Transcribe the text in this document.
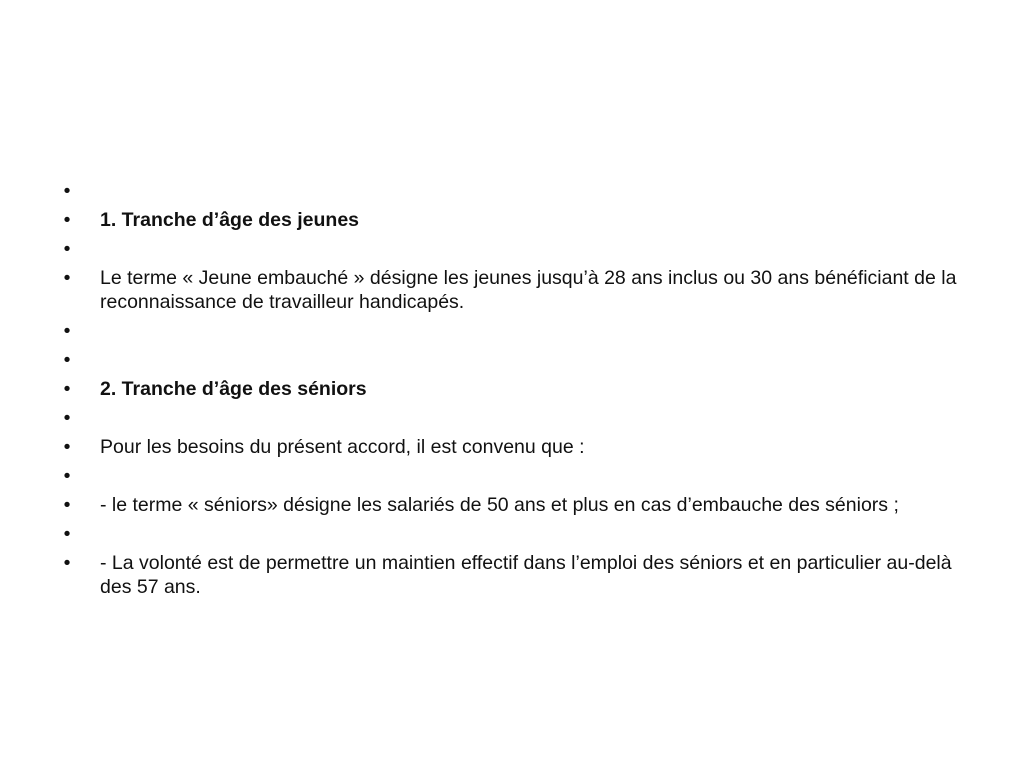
•
• 1. Tranche d’âge des jeunes
•
• Le terme « Jeune embauché » désigne les jeunes jusqu’à 28 ans inclus ou 30 ans bénéficiant de la reconnaissance de travailleur handicapés.
•
•
• 2. Tranche d’âge des séniors
•
• Pour les besoins du présent accord, il est convenu que :
•
• - le terme « séniors» désigne les salariés de 50 ans et plus en cas d’embauche des séniors ;
•
• - La volonté est de permettre un maintien effectif dans l’emploi des séniors et en particulier au-delà des 57 ans.
